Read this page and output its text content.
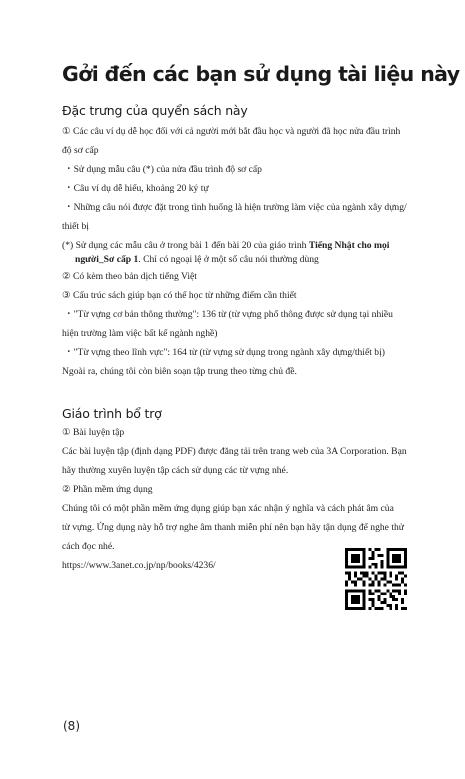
Gởi đến các bạn sử dụng tài liệu này
Đặc trưng của quyển sách này
① Các câu ví dụ dễ học đối với cả người mới bắt đầu học và người đã học nửa đầu trình
độ sơ cấp
・Sử dụng mẫu câu (*) của nửa đầu trình độ sơ cấp
・Câu ví dụ dễ hiểu, khoảng 20 ký tự
・Những câu nói được đặt trong tình huống là hiện trường làm việc của ngành xây dựng/
thiết bị
(*) Sử dụng các mẫu câu ở trong bài 1 đến bài 20 của giáo trình Tiếng Nhật cho mọi
người_Sơ cấp 1. Chỉ có ngoại lệ ở một số câu nói thường dùng
② Có kèm theo bản dịch tiếng Việt
③ Cấu trúc sách giúp bạn có thể học từ những điểm cần thiết
・"Từ vựng cơ bản thông thường": 136 từ (từ vựng phổ thông được sử dụng tại nhiều
hiện trường làm việc bất kể ngành nghề)
・"Từ vựng theo lĩnh vực": 164 từ (từ vựng sử dụng trong ngành xây dựng/thiết bị)
Ngoài ra, chúng tôi còn biên soạn tập trung theo từng chủ đề.
Giáo trình bổ trợ
① Bài luyện tập
Các bài luyện tập (định dạng PDF) được đăng tải trên trang web của 3A Corporation. Bạn
hãy thường xuyên luyện tập cách sử dụng các từ vựng nhé.
② Phần mềm ứng dụng
Chúng tôi có một phần mềm ứng dụng giúp bạn xác nhận ý nghĩa và cách phát âm của
từ vựng. Ứng dụng này hỗ trợ nghe âm thanh miễn phí nên bạn hãy tận dụng để nghe thử
cách đọc nhé.
https://www.3anet.co.jp/np/books/4236/
(8)
